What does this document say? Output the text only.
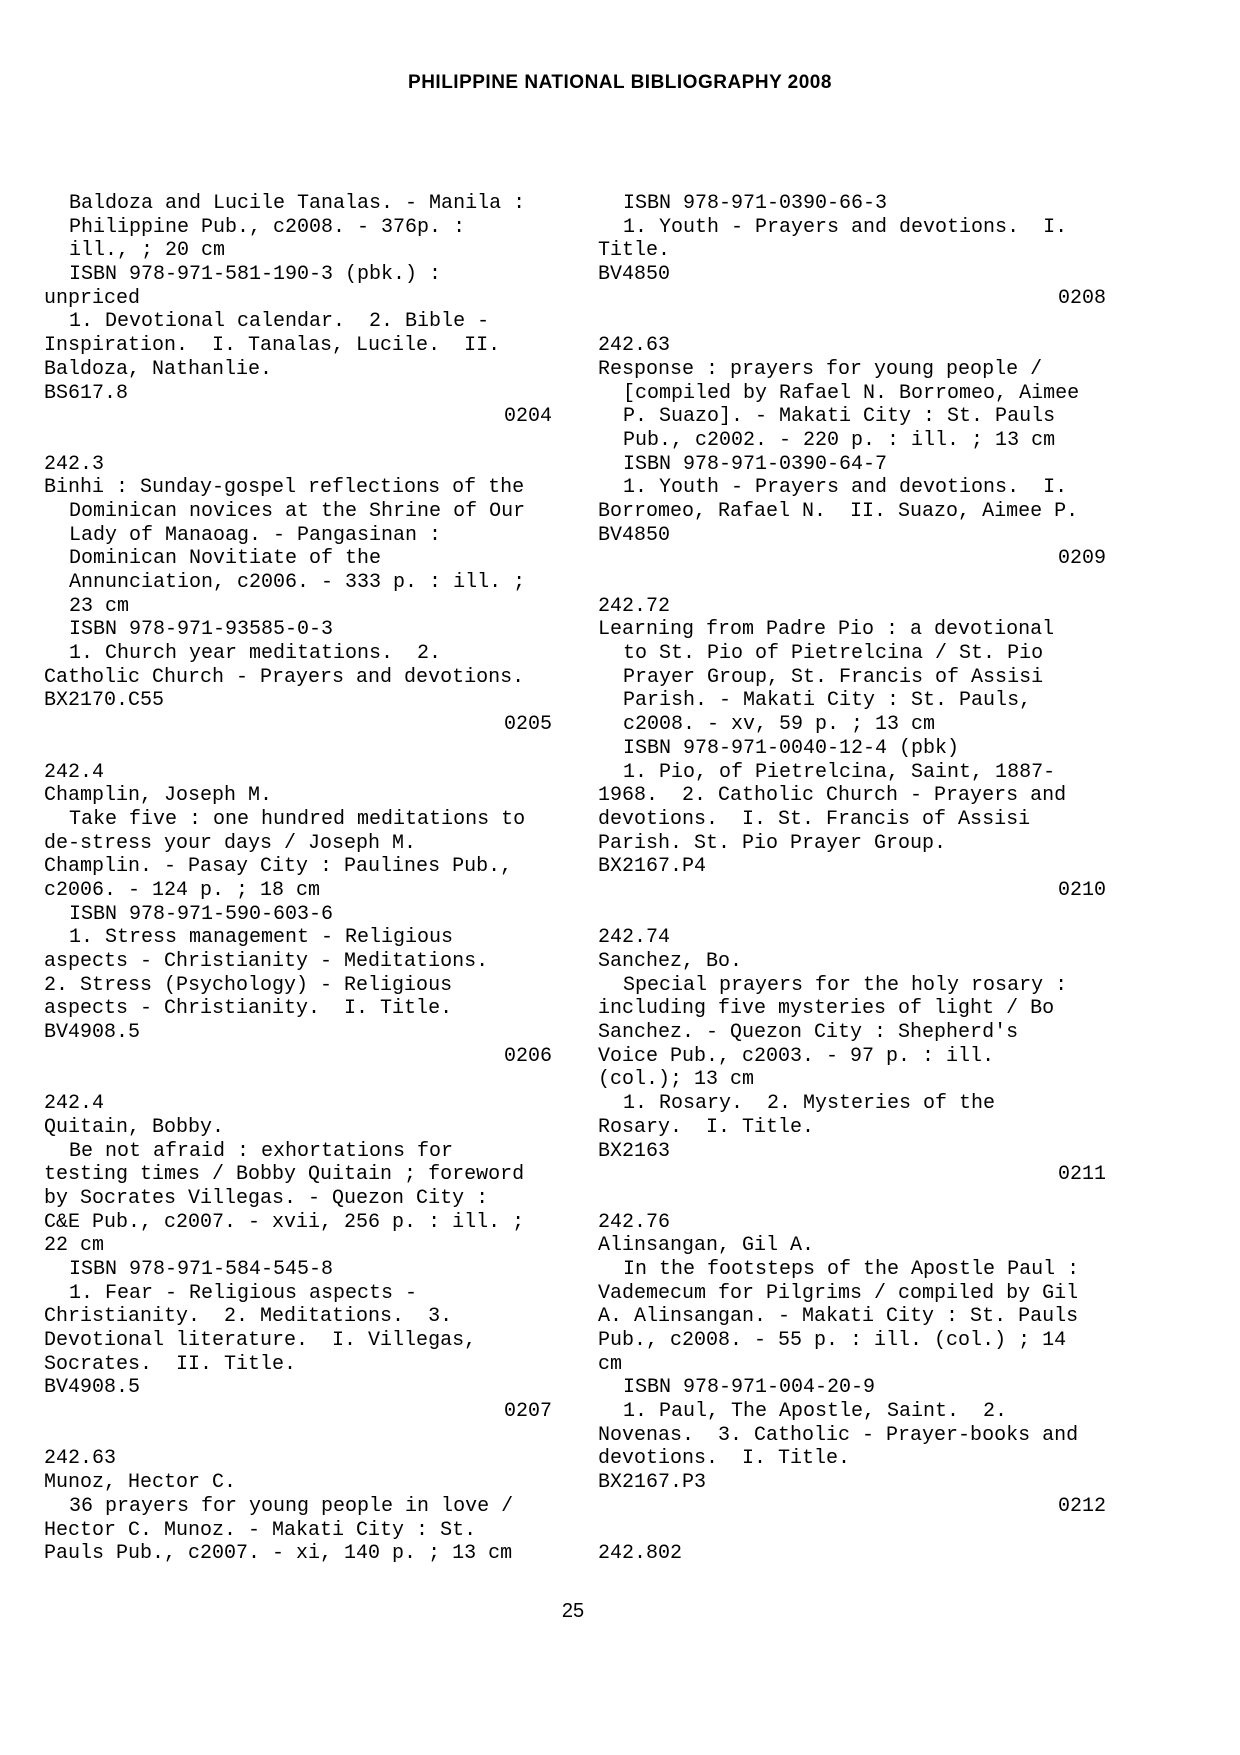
PHILIPPINE NATIONAL BIBLIOGRAPHY 2008
Baldoza and Lucile Tanalas. - Manila :
Philippine Pub., c2008. - 376p. :
ill., ; 20 cm
ISBN 978-971-581-190-3 (pbk.) :
unpriced
1. Devotional calendar.  2. Bible -
Inspiration.  I. Tanalas, Lucile.  II.
Baldoza, Nathanlie.
BS617.8
0204
242.3
Binhi : Sunday-gospel reflections of the
Dominican novices at the Shrine of Our
Lady of Manaoag. - Pangasinan :
Dominican Novitiate of the
Annunciation, c2006. - 333 p. : ill. ;
23 cm
ISBN 978-971-93585-0-3
1. Church year meditations.  2.
Catholic Church - Prayers and devotions.
BX2170.C55
0205
242.4
Champlin, Joseph M.
Take five : one hundred meditations to
de-stress your days / Joseph M.
Champlin. - Pasay City : Paulines Pub.,
c2006. - 124 p. ; 18 cm
ISBN 978-971-590-603-6
1. Stress management - Religious
aspects - Christianity - Meditations.
2. Stress (Psychology) - Religious
aspects - Christianity.  I. Title.
BV4908.5
0206
242.4
Quitain, Bobby.
Be not afraid : exhortations for
testing times / Bobby Quitain ; foreword
by Socrates Villegas. - Quezon City :
C&E Pub., c2007. - xvii, 256 p. : ill. ;
22 cm
ISBN 978-971-584-545-8
1. Fear - Religious aspects -
Christianity.  2. Meditations.  3.
Devotional literature.  I. Villegas,
Socrates.  II. Title.
BV4908.5
0207
242.63
Munoz, Hector C.
36 prayers for young people in love /
Hector C. Munoz. - Makati City : St.
Pauls Pub., c2007. - xi, 140 p. ; 13 cm
ISBN 978-971-0390-66-3
1. Youth - Prayers and devotions.  I.
Title.
BV4850
0208
242.63
Response : prayers for young people /
[compiled by Rafael N. Borromeo, Aimee
P. Suazo]. - Makati City : St. Pauls
Pub., c2002. - 220 p. : ill. ; 13 cm
ISBN 978-971-0390-64-7
1. Youth - Prayers and devotions.  I.
Borromeo, Rafael N.  II. Suazo, Aimee P.
BV4850
0209
242.72
Learning from Padre Pio : a devotional
to St. Pio of Pietrelcina / St. Pio
Prayer Group, St. Francis of Assisi
Parish. - Makati City : St. Pauls,
c2008. - xv, 59 p. ; 13 cm
ISBN 978-971-0040-12-4 (pbk)
1. Pio, of Pietrelcina, Saint, 1887-
1968.  2. Catholic Church - Prayers and
devotions.  I. St. Francis of Assisi
Parish. St. Pio Prayer Group.
BX2167.P4
0210
242.74
Sanchez, Bo.
Special prayers for the holy rosary :
including five mysteries of light / Bo
Sanchez. - Quezon City : Shepherd's
Voice Pub., c2003. - 97 p. : ill.
(col.); 13 cm
1. Rosary.  2. Mysteries of the
Rosary.  I. Title.
BX2163
0211
242.76
Alinsangan, Gil A.
In the footsteps of the Apostle Paul :
Vademecum for Pilgrims / compiled by Gil
A. Alinsangan. - Makati City : St. Pauls
Pub., c2008. - 55 p. : ill. (col.) ; 14
cm
ISBN 978-971-004-20-9
1. Paul, The Apostle, Saint.  2.
Novenas.  3. Catholic - Prayer-books and
devotions.  I. Title.
BX2167.P3
0212
242.802
25
